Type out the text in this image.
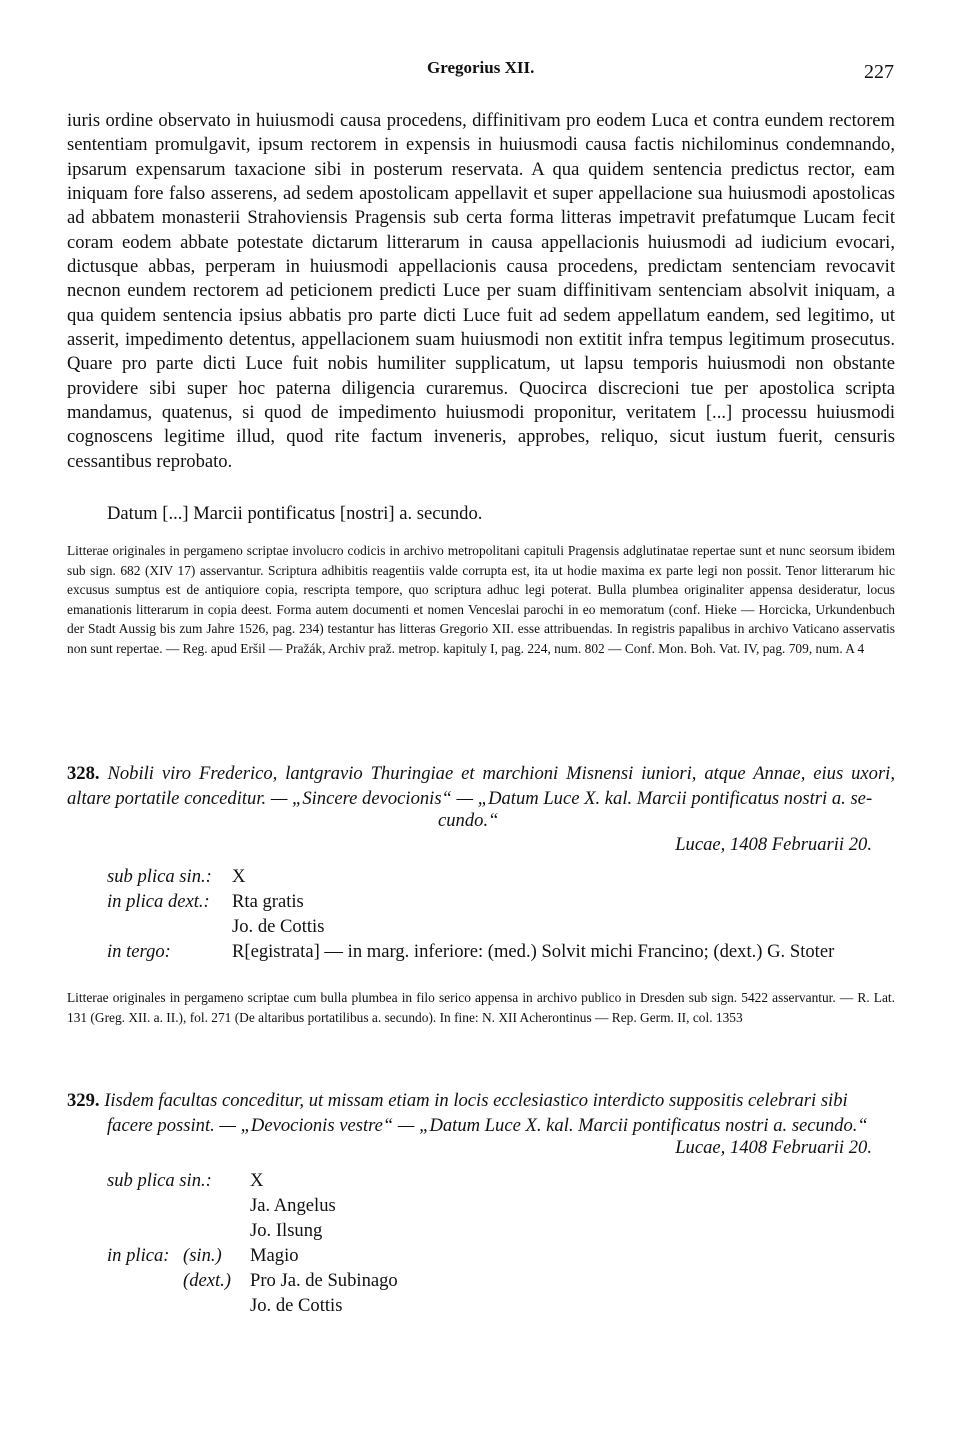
Gregorius XII.	227

iuris ordine observato in huiusmodi causa procedens, diffinitivam pro eodem Luca et contra eundem rectorem sententiam promulgavit, ipsum rectorem in expensis in huiusmodi causa factis nichilominus condemnando, ipsarum expensarum taxacione sibi in posterum reservata. A qua quidem sentencia predictus rector, eam iniquam fore falso asserens, ad sedem apostolicam appellavit et super appellacione sua huiusmodi apostolicas ad abbatem monasterii Strahoviensis Pragensis sub certa forma litteras impetravit prefatumque Lucam fecit coram eodem abbate potestate dictarum litterarum in causa appellacionis huiusmodi ad iudicium evocari, dictusque abbas, perperam in huiusmodi appellacionis causa procedens, predictam sentenciam revocavit necnon eundem rectorem ad peticionem predicti Luce per suam diffinitivam sentenciam absolvit iniquam, a qua quidem sentencia ipsius abbatis pro parte dicti Luce fuit ad sedem appellatum eandem, sed legitimo, ut asserit, impedimento detentus, appellacionem suam huiusmodi non extitit infra tempus legitimum prosecutus. Quare pro parte dicti Luce fuit nobis humiliter supplicatum, ut lapsu temporis huiusmodi non obstante providere sibi super hoc paterna diligencia curaremus. Quocirca discrecioni tue per apostolica scripta mandamus, quatenus, si quod de impedimento huiusmodi proponitur, veritatem [...] processu huiusmodi cognoscens legitime illud, quod rite factum inveneris, approbes, reliquo, sicut iustum fuerit, censuris cessantibus reprobato.

Datum [...] Marcii pontificatus [nostri] a. secundo.

Litterae originales in pergameno scriptae involucro codicis in archivo metropolitani capituli Pragensis adglutinatae repertae sunt et nunc seorsum ibidem sub sign. 682 (XIV 17) asservantur. Scriptura adhibitis reagentiis valde corrupta est, ita ut hodie maxima ex parte legi non possit. Tenor litterarum hic excusus sumptus est de antiquiore copia, rescripta tempore, quo scriptura adhuc legi poterat. Bulla plumbea originaliter appensa desideratur, locus emanationis litterarum in copia deest. Forma autem documenti et nomen Venceslai parochi in eo memoratum (conf. Hieke — Horcicka, Urkundenbuch der Stadt Aussig bis zum Jahre 1526, pag. 234) testantur has litteras Gregorio XII. esse attribuendas. In registris papalibus in archivo Vaticano asservatis non sunt repertae. — Reg. apud Eršil — Pražák, Archiv praž. metrop. kapituly I, pag. 224, num. 802 — Conf. Mon. Boh. Vat. IV, pag. 709, num. A 4

328. Nobili viro Frederico, lantgravio Thuringiae et marchioni Misnensi iuniori, atque Annae, eius uxori, altare portatile conceditur. — „Sincere devocionis“ — „Datum Luce X. kal. Marcii pontificatus nostri a. se-

cundo.“
Lucae, 1408 Februarii 20.
sub plica sin.: X
in plica dext.: Rta gratis
Jo. de Cottis
in tergo:	R[egistrata] — in marg. inferiore: (med.) Solvit michi Francino; (dext.) G. Stoter

Litterae originales in pergameno scriptae cum bulla plumbea in filo serico appensa in archivo publico in Dresden sub sign. 5422 asservantur. — R. Lat. 131 (Greg. XII. a. II.), fol. 271 (De altaribus portatilibus a. secundo). In fine: N. XII Acherontinus — Rep. Germ. II, col. 1353

329. Iisdem facultas conceditur, ut missam etiam in locis ecclesiastico interdicto suppositis celebrari sibi facere possint. — „Devocionis vestre“ — „Datum Luce X. kal. Marcii pontificatus nostri a. secundo.“

Lucae, 1408 Februarii 20.
sub plica sin.: X
Ja. Angelus
Jo. Ilsung
in plica: (sin.) Magio
(dext.) Pro Ja. de Subinago
Jo. de Cottis
